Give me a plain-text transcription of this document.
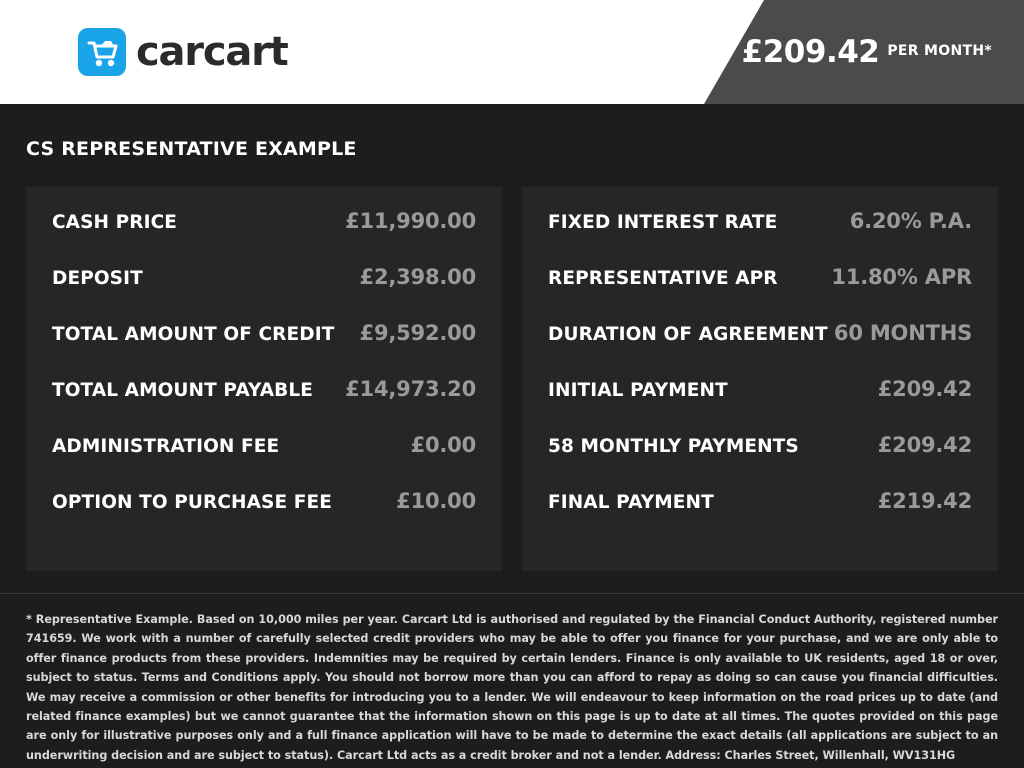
carcart	£209.42 PER MONTH*
CS REPRESENTATIVE EXAMPLE
CASH PRICE	£11,990.00
DEPOSIT	£2,398.00
TOTAL AMOUNT OF CREDIT £9,592.00
TOTAL AMOUNT PAYABLE £14,973.20
ADMINISTRATION FEE	£0.00
OPTION TO PURCHASE FEE	£10.00
FIXED INTEREST RATE	6.20% P.A.
REPRESENTATIVE APR	11.80% APR
DURATION OF AGREEMENT 60 MONTHS
INITIAL PAYMENT	£209.42
58 MONTHLY PAYMENTS	£209.42
FINAL PAYMENT	£219.42
* Representative Example. Based on 10,000 miles per year. Carcart Ltd is authorised and regulated by the Financial Conduct Authority, registered number 741659. We work with a number of carefully selected credit providers who may be able to offer you finance for your purchase, and we are only able to offer finance products from these providers. Indemnities may be required by certain lenders. Finance is only available to UK residents, aged 18 or over, subject to status. Terms and Conditions apply. You should not borrow more than you can afford to repay as doing so can cause you financial difficulties. We may receive a commission or other benefits for introducing you to a lender. We will endeavour to keep information on the road prices up to date (and related finance examples) but we cannot guarantee that the information shown on this page is up to date at all times. The quotes provided on this page are only for illustrative purposes only and a full finance application will have to be made to determine the exact details (all applications are subject to an underwriting decision and are subject to status). Carcart Ltd acts as a credit broker and not a lender. Address: Charles Street, Willenhall, WV131HG
